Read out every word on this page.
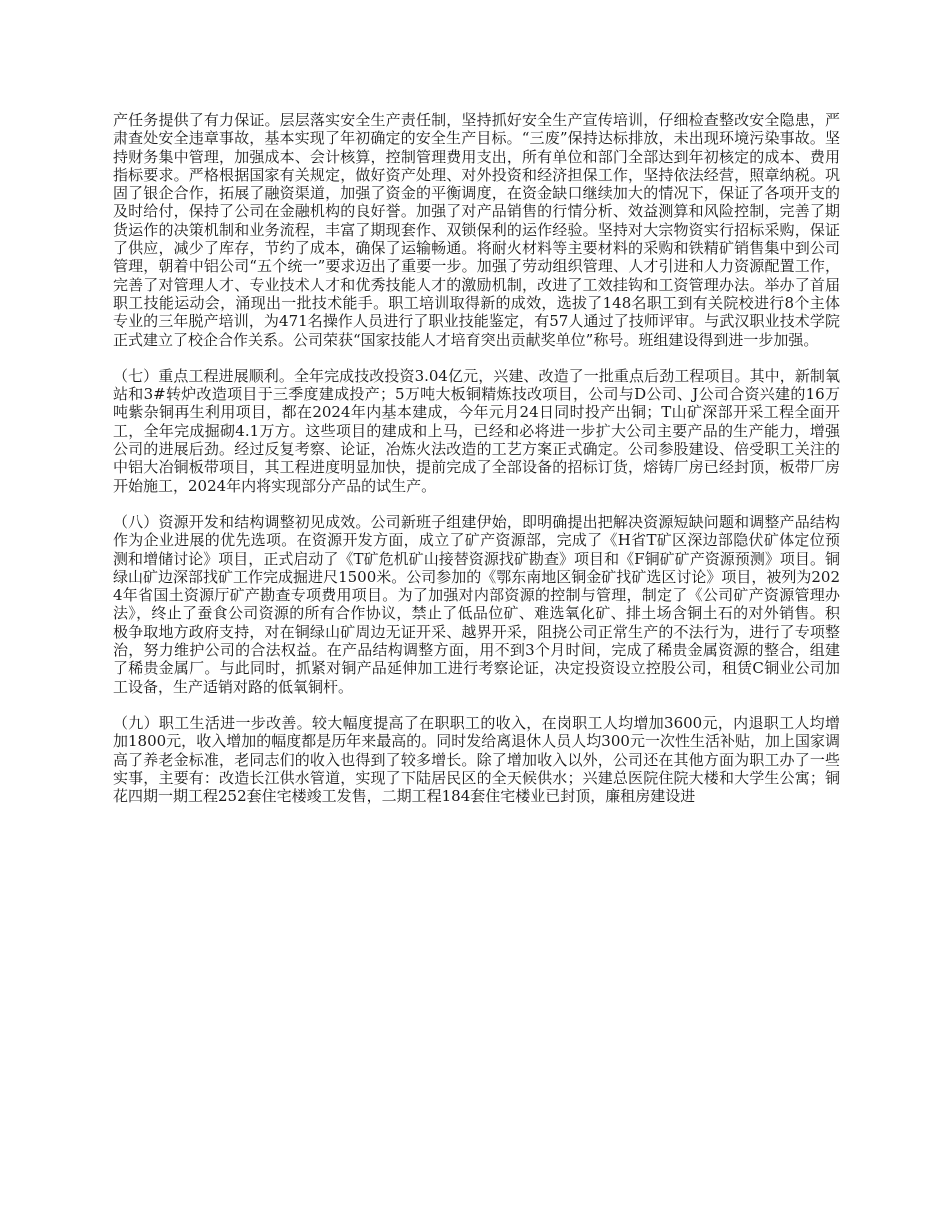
产任务提供了有力保证。层层落实安全生产责任制，坚持抓好安全生产宣传培训，仔细检查整改安全隐患，严肃查处安全违章事故，基本实现了年初确定的安全生产目标。“三废”保持达标排放，未出现环境污染事故。坚持财务集中管理，加强成本、会计核算，控制管理费用支出，所有单位和部门全部达到年初核定的成本、费用指标要求。严格根据国家有关规定，做好资产处理、对外投资和经济担保工作，坚持依法经营，照章纳税。巩固了银企合作，拓展了融资渠道，加强了资金的平衡调度，在资金缺口继续加大的情况下，保证了各项开支的及时给付，保持了公司在金融机构的良好誉。加强了对产品销售的行情分析、效益测算和风险控制，完善了期货运作的决策机制和业务流程，丰富了期现套作、双锁保利的运作经验。坚持对大宗物资实行招标采购，保证了供应，减少了库存，节约了成本，确保了运输畅通。将耐火材料等主要材料的采购和铁精矿销售集中到公司管理，朝着中铝公司“五个统一”要求迈出了重要一步。加强了劳动组织管理、人才引进和人力资源配置工作，完善了对管理人才、专业技术人才和优秀技能人才的激励机制，改进了工效挂钩和工资管理办法。举办了首届职工技能运动会，涌现出一批技术能手。职工培训取得新的成效，选拔了148名职工到有关院校进行8个主体专业的三年脱产培训，为471名操作人员进行了职业技能鉴定，有57人通过了技师评审。与武汉职业技术学院正式建立了校企合作关系。公司荣获“国家技能人才培育突出贡献奖单位”称号。班组建设得到进一步加强。

（七）重点工程进展顺利。全年完成技改投资3.04亿元，兴建、改造了一批重点后劲工程项目。其中，新制氧站和3#转炉改造项目于三季度建成投产；5万吨大板铜精炼技改项目，公司与D公司、J公司合资兴建的16万吨紫杂铜再生利用项目，都在2024年内基本建成，今年元月24日同时投产出铜；T山矿深部开采工程全面开工，全年完成掘砌4.1万方。这些项目的建成和上马，已经和必将进一步扩大公司主要产品的生产能力，增强公司的进展后劲。经过反复考察、论证，冶炼火法改造的工艺方案正式确定。公司参股建设、倍受职工关注的中铝大冶铜板带项目，其工程进度明显加快，提前完成了全部设备的招标订货，熔铸厂房已经封顶，板带厂房开始施工，2024年内将实现部分产品的试生产。

（八）资源开发和结构调整初见成效。公司新班子组建伊始，即明确提出把解决资源短缺问题和调整产品结构作为企业进展的优先选项。在资源开发方面，成立了矿产资源部，完成了《H省T矿区深边部隐伏矿体定位预测和增储讨论》项目，正式启动了《T矿危机矿山接替资源找矿勘查》项目和《F铜矿矿产资源预测》项目。铜绿山矿边深部找矿工作完成掘进尺1500米。公司参加的《鄂东南地区铜金矿找矿选区讨论》项目，被列为2024年省国土资源厅矿产勘查专项费用项目。为了加强对内部资源的控制与管理，制定了《公司矿产资源管理办法》，终止了蚕食公司资源的所有合作协议，禁止了低品位矿、难选氧化矿、排土场含铜土石的对外销售。积极争取地方政府支持，对在铜绿山矿周边无证开采、越界开采，阻挠公司正常生产的不法行为，进行了专项整治，努力维护公司的合法权益。在产品结构调整方面，用不到3个月时间，完成了稀贵金属资源的整合，组建了稀贵金属厂。与此同时，抓紧对铜产品延伸加工进行考察论证，决定投资设立控股公司，租赁C铜业公司加工设备，生产适销对路的低氧铜杆。

（九）职工生活进一步改善。较大幅度提高了在职职工的收入，在岗职工人均增加3600元，内退职工人均增加1800元，收入增加的幅度都是历年来最高的。同时发给离退休人员人均300元一次性生活补贴，加上国家调高了养老金标准，老同志们的收入也得到了较多增长。除了增加收入以外，公司还在其他方面为职工办了一些实事，主要有：改造长江供水管道，实现了下陆居民区的全天候供水；兴建总医院住院大楼和大学生公寓；铜花四期一期工程252套住宅楼竣工发售，二期工程184套住宅楼业已封顶，廉租房建设进
